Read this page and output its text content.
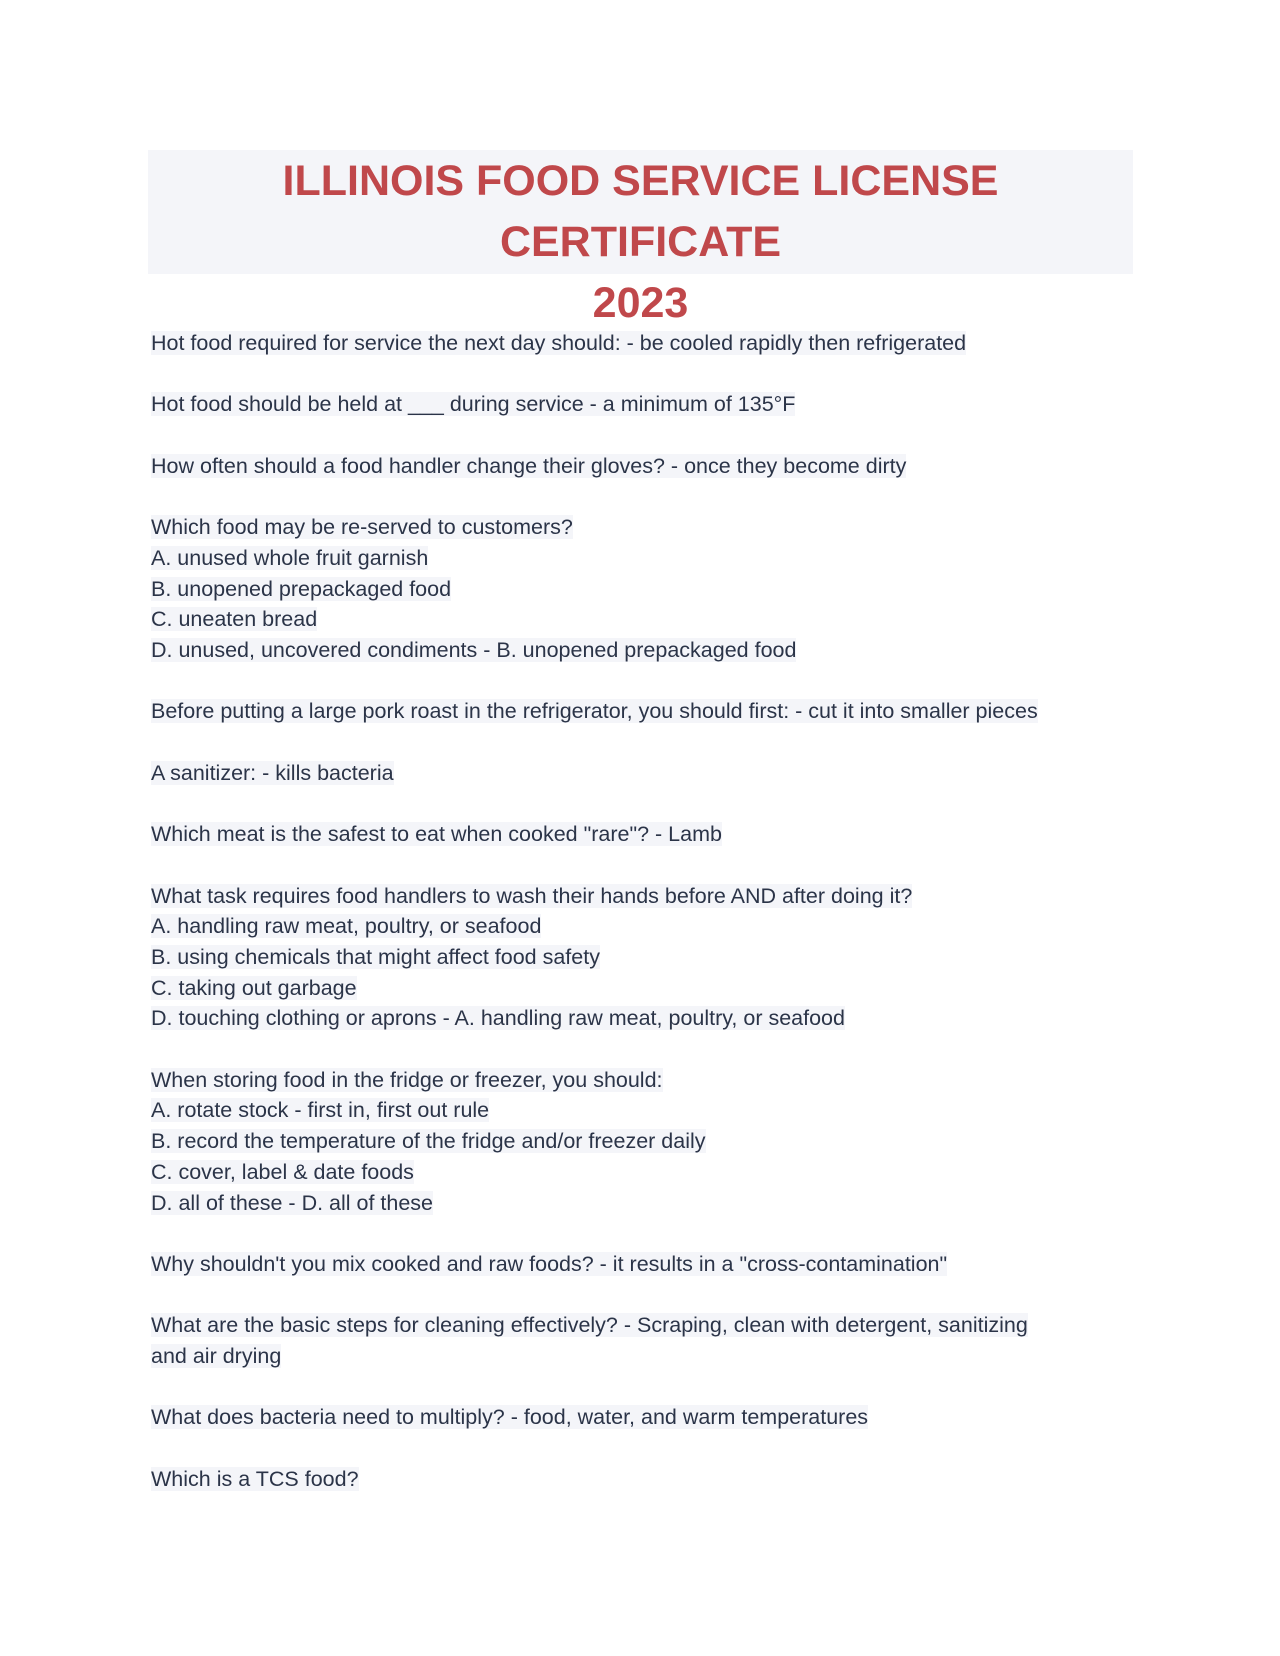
ILLINOIS FOOD SERVICE LICENSE CERTIFICATE
2023
Hot food required for service the next day should: - be cooled rapidly then refrigerated
Hot food should be held at ___ during service - a minimum of 135°F
How often should a food handler change their gloves? - once they become dirty
Which food may be re-served to customers?
A. unused whole fruit garnish
B. unopened prepackaged food
C. uneaten bread
D. unused, uncovered condiments - B. unopened prepackaged food
Before putting a large pork roast in the refrigerator, you should first: - cut it into smaller pieces
A sanitizer: - kills bacteria
Which meat is the safest to eat when cooked "rare"? - Lamb
What task requires food handlers to wash their hands before AND after doing it?
A. handling raw meat, poultry, or seafood
B. using chemicals that might affect food safety
C. taking out garbage
D. touching clothing or aprons - A. handling raw meat, poultry, or seafood
When storing food in the fridge or freezer, you should:
A. rotate stock - first in, first out rule
B. record the temperature of the fridge and/or freezer daily
C. cover, label & date foods
D. all of these - D. all of these
Why shouldn't you mix cooked and raw foods? - it results in a "cross-contamination"
What are the basic steps for cleaning effectively? - Scraping, clean with detergent, sanitizing
and air drying
What does bacteria need to multiply? - food, water, and warm temperatures
Which is a TCS food?
